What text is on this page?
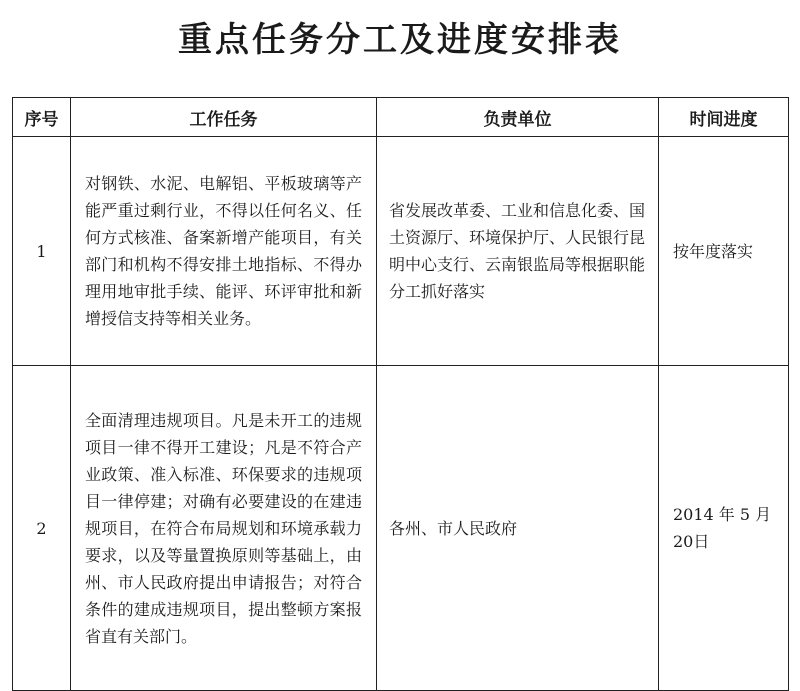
重点任务分工及进度安排表
序号	工作任务	负责单位	时间进度
1	对钢铁、水泥、电解铝、平板玻璃等产能严重过剩行业，不得以任何名义、任何方式核准、备案新增产能项目，有关部门和机构不得安排土地指标、不得办理用地审批手续、能评、环评审批和新增授信支持等相关业务。	省发展改革委、工业和信息化委、国土资源厅、环境保护厅、人民银行昆明中心支行、云南银监局等根据职能分工抓好落实	按年度落实
2	全面清理违规项目。凡是未开工的违规项目一律不得开工建设；凡是不符合产业政策、准入标准、环保要求的违规项目一律停建；对确有必要建设的在建违规项目，在符合布局规划和环境承载力要求，以及等量置换原则等基础上，由州、市人民政府提出申请报告；对符合条件的建成违规项目，提出整顿方案报省直有关部门。	各州、市人民政府	2014 年 5 月 20日
